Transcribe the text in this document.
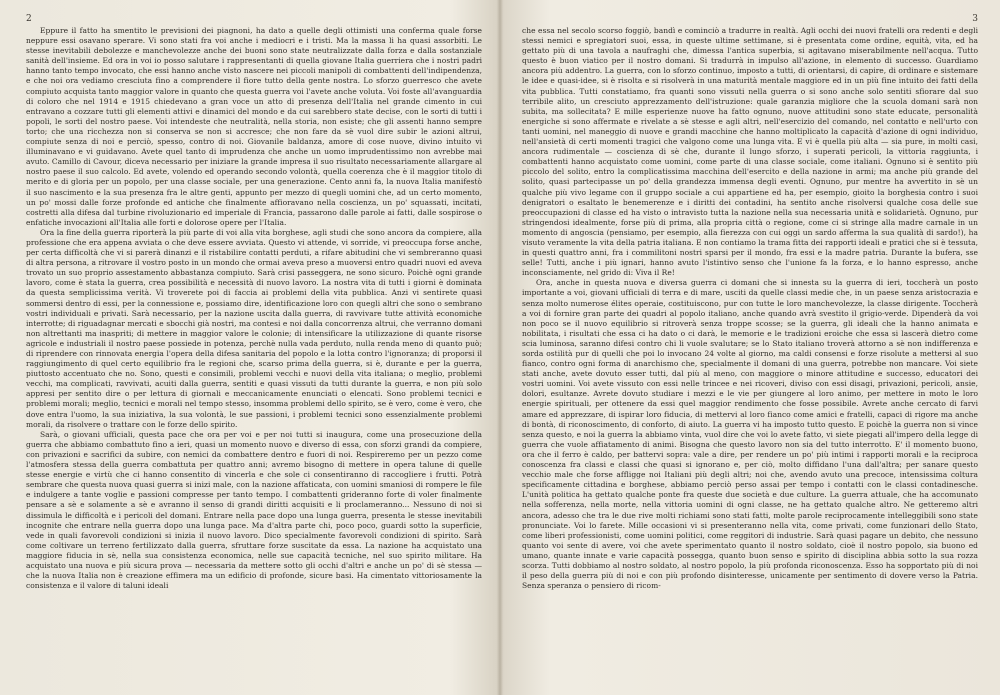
2

Eppure il fatto ha smentito le previsioni dei piagnoni, ha dato a quelle degli ottimisti una conferma quale forse neppure essi osavano sperare. Vi sono stati fra voi anche i mediocri e i tristi. Ma la massa li ha quasi assorbiti. Le stesse inevitabili debolezze e manchevolezze anche dei buoni sono state neutralizzate dalla forza e dalla sostanziale sanità dell'insieme. Ed ora in voi io posso salutare i rappresentanti di quella giovane Italia guerriera che i nostri padri hanno tanto tempo invocato, che essi hanno anche visto nascere nei piccoli manipoli di combattenti dell'indipendenza, e che noi ora vediamo cresciuta fino a comprendere il fiore tutto della gente nostra. Lo sforzo guerresco che avete compiuto acquista tanto maggior valore in quanto che questa guerra voi l'avete anche voluta. Voi foste all'avanguardia di coloro che nel 1914 e 1915 chiedevano a gran voce un atto di presenza dell'Italia nel grande cimento in cui entravano a cozzare tutti gli elementi attivi e dinamici del mondo e da cui sarebbero state decise, con le sorti di tutti i popoli, le sorti del nostro paese. Voi intendeste che neutralità, nella storia, non esiste; che gli assenti hanno sempre torto; che una ricchezza non si conserva se non si accresce; che non fare da sè vuol dire subir le azioni altrui, compiute senza di noi e perciò, spesso, contro di noi. Giovanile baldanza, amore di cose nuove, divino intuito vi illuminavano e vi guidavano. Avete quel tanto di imprudenza che anche un uomo imprudentissimo non avrebbe mai avuto. Camillo di Cavour, diceva necessario per iniziare la grande impresa il suo risultato necessariamente allargare al nostro paese il suo calcolo. Ed avete, volendo ed operando secondo volontà, quella coerenza che è il maggior titolo di merito e di gloria per un popolo, per una classe sociale, per una generazione. Cento anni fa, la nuova Italia manifestò il suo nascimento e la sua presenza fra le altre genti, appunto per mezzo di quegli uomini che, ad un certo momento, un po' mossi dalle forze profonde ed antiche che finalmente affioravano nella coscienza, un po' squassati, incitati, costretti alla difesa dal turbine rivoluzionario ed imperiale di Francia, passarono dalle parole ai fatti, dalle sospirose o enfatiche invocazioni all'Italia alle forti e dolorose opere per l'Italia.

Ora la fine della guerra riporterà la più parte di voi alla vita borghese, agli studi che sono ancora da compiere, alla professione che era appena avviata o che deve essere avviata. Questo vi attende, vi sorride, vi preoccupa forse anche, per certa difficoltà che vi si parerà dinanzi e il ristabilire contatti perduti, a rifare abitudini che vi sembreranno quasi di altra persona, a ritrovare il vostro posto in un mondo che ormai aveva preso a muoversi entro quadri nuovi ed aveva trovato un suo proprio assestamento abbastanza compiuto. Sarà crisi passeggera, ne sono sicuro. Poichè ogni grande lavoro, come è stata la guerra, crea possibilità e necessità di nuovo lavoro. La nostra vita di tutti i giorni è dominata da questa semplicissima verità. Vi troverete poi di faccia ai problemi della vita pubblica. Anzi vi sentirete quasi sommersi dentro di essi, per la connessione e, possiamo dire, identificazione loro con quegli altri che sono o sembrano vostri individuali e privati. Sarà necessario, per la nazione uscita dalla guerra, di ravvivare tutte attività economiche interrotte; di riguadagnar mercati e sbocchi già nostri, ma contesi e noi dalla concorrenza altrui, che verranno domani non altrettanti ma inaspriti; di mettere in maggior valore le colonie; di intensificare la utilizzazione di quante risorse agricole e industriali il nostro paese possiede in potenza, perchè nulla vada perduto, nulla renda meno di quanto può; di riprendere con rinnovata energia l'opera della difesa sanitaria del popolo e la lotta contro l'ignoranza; di proporsi il raggiungimento di quel certo equilibrio fra le regioni che, scarso prima della guerra, si è, durante e per la guerra, piuttosto accentuato che no. Sono, questi e consimili, problemi vecchi e nuovi della vita italiana; o meglio, problemi vecchi, ma complicati, ravvivati, acuiti dalla guerra, sentiti e quasi vissuti da tutti durante la guerra, e non più solo appresi per sentito dire o per lettura di giornali e meccanicamente enunciati o elencati. Sono problemi tecnici e problemi morali; meglio, tecnici e morali nel tempo stesso, insomma problemi dello spirito, se è vero, come è vero, che dove entra l'uomo, la sua iniziativa, la sua volontà, le sue passioni, i problemi tecnici sono essenzialmente problemi morali, da risolvere o trattare con le forze dello spirito.

Sarà, o giovani ufficiali, questa pace che ora per voi e per noi tutti si inaugura, come una prosecuzione della guerra che abbiamo combattuto fino a ieri, quasi un momento nuovo e diverso di essa, con sforzi grandi da compiere, con privazioni e sacrifici da subire, con nemici da combattere dentro e fuori di noi. Respireremo per un pezzo come l'atmosfera stessa della guerra combattuta per quattro anni; avremo bisogno di mettere in opera talune di quelle stesse energie e virtù che ci hanno consentito di vincerla e che sole ci consentiranno di raccogliere i frutti. Potrà sembrare che questa nuova quasi guerra si inizi male, con la nazione affaticata, con uomini smaniosi di rompere le file e indulgere a tante voglie e passioni compresse per tanto tempo. I combattenti grideranno forte di voler finalmente pensare a sè e solamente a sè e avranno il senso di grandi diritti acquisiti e li proclameranno... Nessuno di noi si dissimula le difficoltà e i pericoli del domani. Entrare nella pace dopo una lunga guerra, presenta le stesse inevitabili incognite che entrare nella guerra dopo una lunga pace. Ma d'altra parte chi, poco poco, guardi sotto la superficie, vede in quali favorevoli condizioni si inizia il nuovo lavoro. Dico specialmente favorevoli condizioni di spirito. Sarà come coltivare un terreno fertilizzato dalla guerra, sfruttare forze suscitate da essa. La nazione ha acquistato una maggiore fiducia in sè, nella sua consistenza economica, nelle sue capacità tecniche, nel suo spirito militare. Ha acquistato una nuova e più sicura prova — necessaria da mettere sotto gli occhi d'altri e anche un po' di sè stessa — che la nuova Italia non è creazione effimera ma un edificio di profonde, sicure basi. Ha cimentato vittoriosamente la consistenza e il valore di taluni ideali

3

che essa nel secolo scorso foggiò, bandì e cominciò a tradurre in realtà. Agli occhi dei nuovi fratelli ora redenti e degli stessi nemici e spregiatori suoi, essa, in queste ultime settimane, si è presentata come ordine, equità, vita, ed ha gettato più di una tavola a naufraghi che, dimessa l'antica superbia, si agitavano miserabilmente nell'acqua. Tutto questo è buon viatico per il nostro domani. Si tradurrà in impulso all'azione, in elemento di successo. Guardiamo ancora più addentro. La guerra, con lo sforzo continuo, imposto a tutti, di orientarsi, di capire, di ordinare e sistemare le idee e quasi-idee, si è risolta e si risolverà in una maturità mentale maggiore ed in un più fine intuito dei fatti della vita pubblica. Tutti constatiamo, fra quanti sono vissuti nella guerra o si sono anche solo sentiti sfiorare dal suo terribile alito, un cresciuto apprezzamento dell'istruzione: quale garanzia migliore che la scuola domani sarà non subita, ma sollecitata? E mille esperienze nuove ha fatto ognuno, nuove attitudini sono state educate, personalità energiche si sono affermate e rivelate a sè stesse e agli altri, nell'esercizio del comando, nel contatto e nell'urto con tanti uomini, nel maneggio di nuove e grandi macchine che hanno moltiplicato la capacità d'azione di ogni individuo, nell'ansietà di certi momenti tragici che valgono come una lunga vita. E vi è quella più alta — sia pure, in molti casi, ancora rudimentale — coscienza di sè che, durante il lungo sforzo, i superati pericoli, la vittoria raggiunta, i combattenti hanno acquistato come uomini, come parte di una classe sociale, come italiani. Ognuno si è sentito più piccolo del solito, entro la complicatissima macchina dell'esercito e della nazione in armi; ma anche più grande del solito, quasi partecipasse un po' della grandezza immensa degli eventi. Ognuno, pur mentre ha avvertito in sè un qualche più vivo legame con il gruppo sociale a cui appartiene ed ha, per esempio, gioito la borghesia contro i suoi denigratori o esaltato le benemerenze e i diritti dei contadini, ha sentito anche risolversi qualche cosa delle sue preoccupazioni di classe ed ha visto o intravisto tutta la nazione nella sua necessaria unità e solidarietà. Ognuno, pur stringendosi idealmente, forse più di prima, alla propria città o regione, come ci si stringe alla madre carnale in un momento di angoscia (pensiamo, per esempio, alla fierezza con cui oggi un sardo afferma la sua qualità di sardo!), ha visuto veramente la vita della patria italiana. E non contiamo la trama fitta dei rapporti ideali e pratici che si è tessuta, in questi quattro anni, fra i commilitoni nostri sparsi per il mondo, fra essi e la madre patria. Durante la bufera, sse selle! Tutti, anche i più ignari, hanno avuto l'istintivo senso che l'unione fa la forza, e lo hanno espresso, anche inconsciamente, nel grido di: Viva il Re!

Ora, anche in questa nuova e diversa guerra ci domani che si innesta su la guerra di ieri, toccherà un posto importante a voi, giovani ufficiali di terra e di mare, usciti da quelle classi medie che, in un paese senza aristocrazia e senza molto numerose élites operaie, costituiscono, pur con tutte le loro manchevolezze, la classe dirigente. Toccherà a voi di fornire gran parte dei quadri al popolo italiano, anche quando avrà svestito il grigio-verde. Dipenderà da voi non poco se il nuovo equilibrio si ritroverà senza troppe scosse; se la guerra, gli ideali che la hanno animata e nobilitata, i risultati che essa ci ha dato o ci darà, le memorie e le tradizioni eroiche che essa si lascerà dietro come scia luminosa, saranno difesi contro chi li vuole svalutare; se lo Stato italiano troverà attorno a sè non indifferenza e sorda ostilità pur di quelli che poi lo invocano 24 volte al giorno, ma caldi consensi e forze risolute a mettersi al suo fianco, contro ogni forma di anarchismo che, specialmente il domani di una guerra, potrebbe non mancare. Voi siete stati anche, avete dovuto esser tutti, dal più al meno, con maggiore o minore attitudine e successo, educatori dei vostri uomini. Voi avete vissuto con essi nelle trincee e nei ricoveri, diviso con essi disagi, privazioni, pericoli, ansie, dolori, esultanze. Avrete dovuto studiare i mezzi e le vie per giungere al loro animo, per mettere in moto le loro energie spirituali, per ottenere da essi quel maggior rendimento che fosse possibile. Avrete anche cercato di farvi amare ed apprezzare, di ispirar loro fiducia, di mettervi al loro fianco come amici e fratelli, capaci di rigore ma anche di bontà, di riconoscimento, di conforto, di aiuto. La guerra vi ha imposto tutto questo. E poichè la guerra non si vince senza questo, e noi la guerra la abbiamo vinta, vuol dire che voi lo avete fatto, vi siete piegati all'impero della legge di guerra che vuole affiatamento di animi. Bisogna che questo lavoro non sia del tutto interrotto. E' il momento buono, ora che il ferro è caldo, per battervi sopra: vale a dire, per rendere un po' più intimi i rapporti morali e la reciproca conoscenza fra classi e classi che quasi si ignorano e, per ciò, molto diffidano l'una dall'altra; per sanare questo vecchio male che forse affligge noi Italiani più degli altri; noi che, avendo avuto una precoce, intensissima coltura specificamente cittadina e borghese, abbiamo perciò perso assai per tempo i contatti con le classi contadinesche. L'unità politica ha gettato qualche ponte fra queste due società e due culture. La guerra attuale, che ha accomunato nella sofferenza, nella morte, nella vittoria uomini di ogni classe, ne ha gettato qualche altro. Ne getteremo altri ancora, adesso che tra le due rive molti richiami sono stati fatti, molte parole reciprocamente intelleggibili sono state pronunciate. Voi lo farete. Mille occasioni vi si presenteranno nella vita, come privati, come funzionari dello Stato, come liberi professionisti, come uomini politici, come reggitori di industrie. Sarà quasi pagare un debito, che nessuno quanto voi sente di avere, voi che avete sperimentato quanto il nostro soldato, cioè il nostro popolo, sia buono ed umano, quante innate e varie capacità possegga, quanto buon senso e spirito di disciplina abbia sotto la sua rozza scorza. Tutti dobbiamo al nostro soldato, al nostro popolo, la più profonda riconoscenza. Esso ha sopportato più di noi il peso della guerra più di noi e con più profondo disinteresse, unicamente per sentimento di dovere verso la Patria. Senza speranza o pensiero di ricom-
